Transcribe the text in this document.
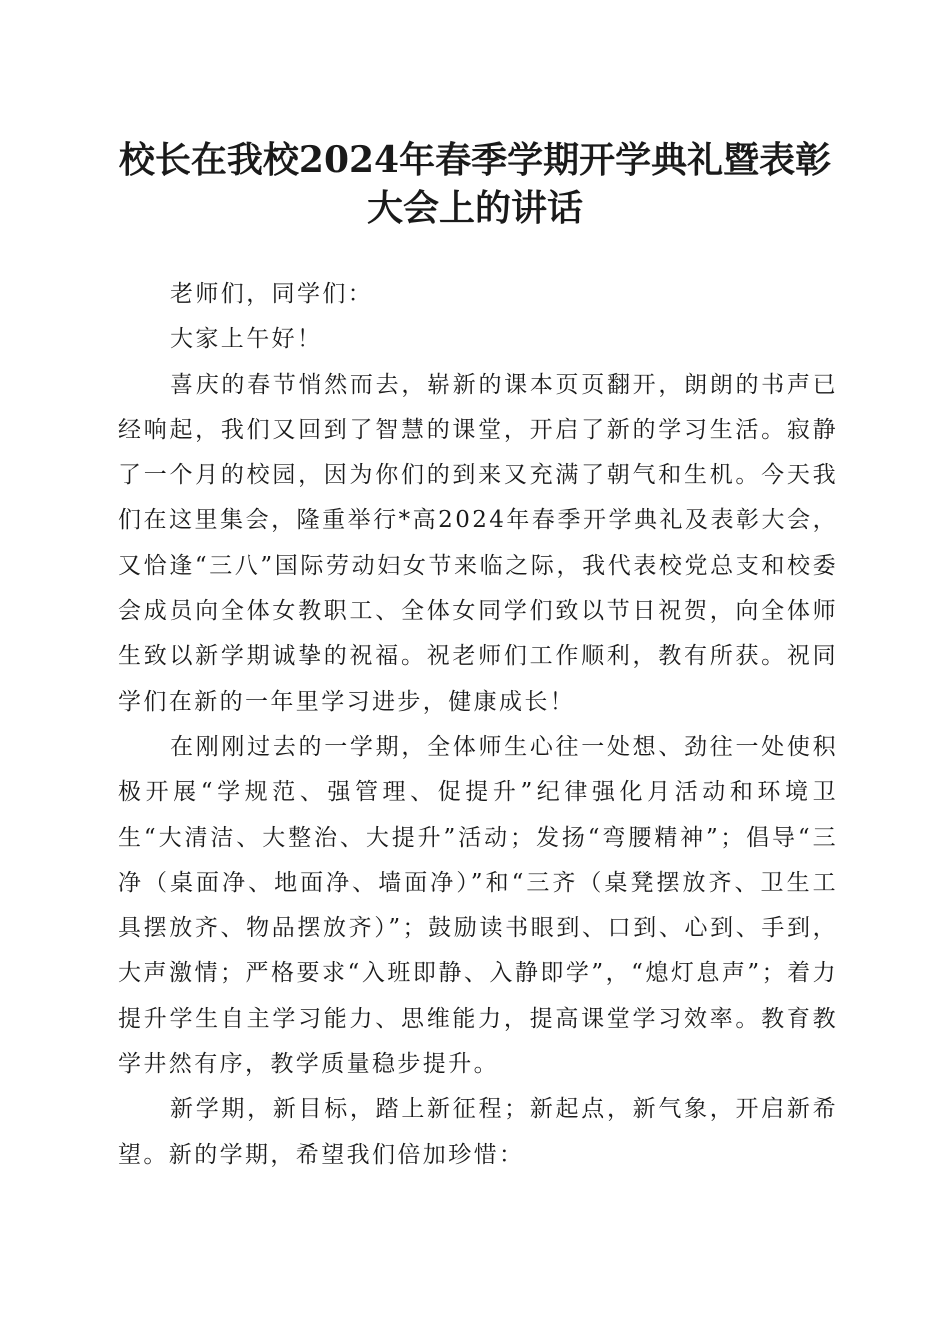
校长在我校2024年春季学期开学典礼暨表彰
大会上的讲话

老师们，同学们：

大家上午好！

喜庆的春节悄然而去，崭新的课本页页翻开，朗朗的书声已经响起，我们又回到了智慧的课堂，开启了新的学习生活。寂静了一个月的校园，因为你们的到来又充满了朝气和生机。今天我们在这里集会，隆重举行*高2024年春季开学典礼及表彰大会，又恰逢“三八”国际劳动妇女节来临之际，我代表校党总支和校委会成员向全体女教职工、全体女同学们致以节日祝贺，向全体师生致以新学期诚挚的祝福。祝老师们工作顺利，教有所获。祝同学们在新的一年里学习进步，健康成长！

在刚刚过去的一学期，全体师生心往一处想、劲往一处使积极开展“学规范、强管理、促提升”纪律强化月活动和环境卫生“大清洁、大整治、大提升”活动；发扬“弯腰精神”；倡导“三净（桌面净、地面净、墙面净）”和“三齐（桌凳摆放齐、卫生工具摆放齐、物品摆放齐）”；鼓励读书眼到、口到、心到、手到，大声激情；严格要求“入班即静、入静即学”，“熄灯息声”；着力提升学生自主学习能力、思维能力，提高课堂学习效率。教育教学井然有序，教学质量稳步提升。

新学期，新目标，踏上新征程；新起点，新气象，开启新希望。新的学期，希望我们倍加珍惜：
